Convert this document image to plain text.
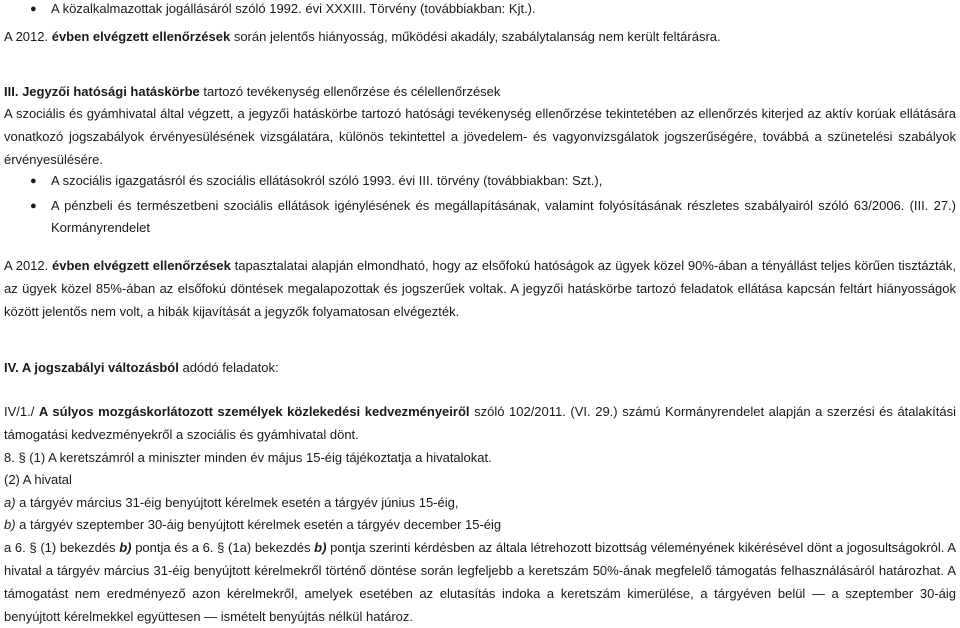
● A közalkalmazottak jogállásáról szóló 1992. évi XXXIII. Törvény (továbbiakban: Kjt.).

A 2012. évben elvégzett ellenőrzések során jelentős hiányosság, működési akadály, szabálytalanság nem került feltárásra.

III. Jegyzői hatósági hatáskörbe tartozó tevékenység ellenőrzése és célellenőrzések

A szociális és gyámhivatal által végzett, a jegyzői hatáskörbe tartozó hatósági tevékenység ellenőrzése tekintetében az ellenőrzés kiterjed az aktív korúak ellátására vonatkozó jogszabályok érvényesülésének vizsgálatára, különös tekintettel a jövedelem- és vagyonvizsgálatok jogszerűségére, továbbá a szünetelési szabályok érvényesülésére.

● A szociális igazgatásról és szociális ellátásokról szóló 1993. évi III. törvény (továbbiakban: Szt.),

● A pénzbeli és természetbeni szociális ellátások igénylésének és megállapításának, valamint folyósításának részletes szabályairól szóló 63/2006. (III. 27.) Kormányrendelet

A 2012. évben elvégzett ellenőrzések tapasztalatai alapján elmondható, hogy az elsőfokú hatóságok az ügyek közel 90%-ában a tényállást teljes körűen tisztázták, az ügyek közel 85%-ában az elsőfokú döntések megalapozottak és jogszerűek voltak. A jegyzői hatáskörbe tartozó feladatok ellátása kapcsán feltárt hiányosságok között jelentős nem volt, a hibák kijavítását a jegyzők folyamatosan elvégezték.

IV. A jogszabályi változásból adódó feladatok:

IV/1./ A súlyos mozgáskorlátozott személyek közlekedési kedvezményeiről szóló 102/2011. (VI. 29.) számú Kormányrendelet alapján a szerzési és átalakítási támogatási kedvezményekről a szociális és gyámhivatal dönt.

8. § (1) A keretszámról a miniszter minden év május 15-éig tájékoztatja a hivatalokat.

(2) A hivatal

a) a tárgyév március 31-éig benyújtott kérelmek esetén a tárgyév június 15-éig,

b) a tárgyév szeptember 30-áig benyújtott kérelmek esetén a tárgyév december 15-éig

a 6. § (1) bekezdés b) pontja és a 6. § (1a) bekezdés b) pontja szerinti kérdésben az általa létrehozott bizottság véleményének kikérésével dönt a jogosultságokról. A hivatal a tárgyév március 31-éig benyújtott kérelmekről történő döntése során legfeljebb a keretszám 50%-ának megfelelő támogatás felhasználásáról határozhat. A támogatást nem eredményező azon kérelmekről, amelyek esetében az elutasítás indoka a keretszám kimerülése, a tárgyéven belül — a szeptember 30-áig benyújtott kérelmekkel együttesen — ismételt benyújtás nélkül határoz.
